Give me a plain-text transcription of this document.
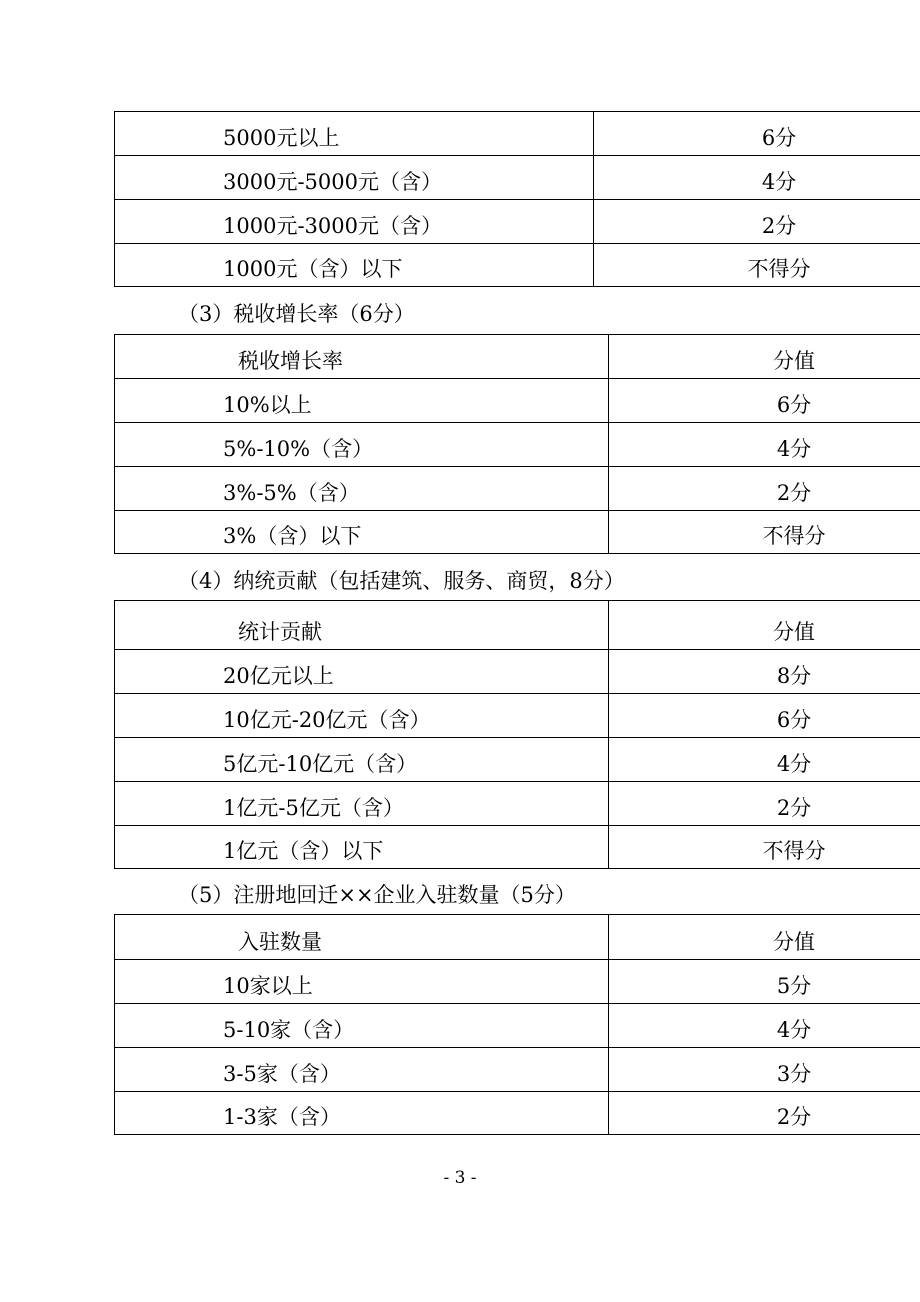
5000元以上	6分
3000元-5000元（含）	4分
1000元-3000元（含）	2分
1000元（含）以下	不得分
（3）税收增长率（6分）
税收增长率	分值
10%以上	6分
5%-10%（含）	4分
3%-5%（含）	2分
3%（含）以下	不得分
（4）纳统贡献（包括建筑、服务、商贸，8分）
统计贡献	分值
20亿元以上	8分
10亿元-20亿元（含）	6分
5亿元-10亿元（含）	4分
1亿元-5亿元（含）	2分
1亿元（含）以下	不得分
（5）注册地回迁××企业入驻数量（5分）
入驻数量	分值
10家以上	5分
5-10家（含）	4分
3-5家（含）	3分
1-3家（含）	2分
- 3 -
